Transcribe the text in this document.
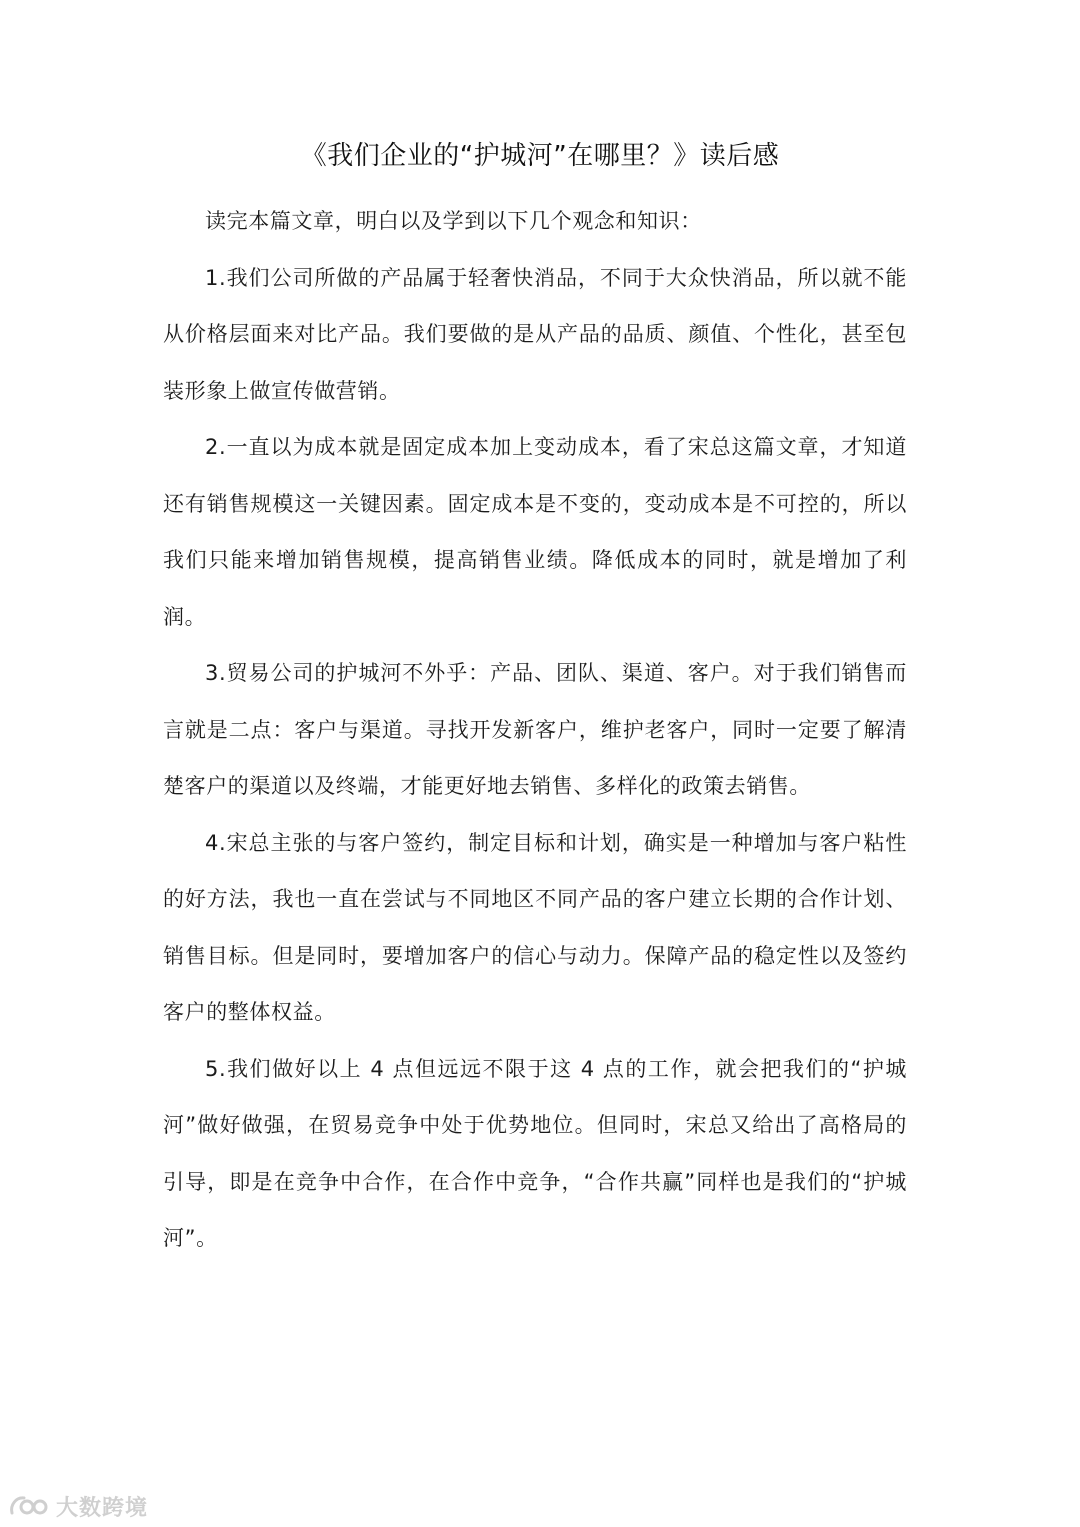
《我们企业的“护城河”在哪里？》读后感

读完本篇文章，明白以及学到以下几个观念和知识：

1.我们公司所做的产品属于轻奢快消品，不同于大众快消品，所以就不能从价格层面来对比产品。我们要做的是从产品的品质、颜值、个性化，甚至包装形象上做宣传做营销。

2.一直以为成本就是固定成本加上变动成本，看了宋总这篇文章，才知道还有销售规模这一关键因素。固定成本是不变的，变动成本是不可控的，所以我们只能来增加销售规模，提高销售业绩。降低成本的同时，就是增加了利润。

3.贸易公司的护城河不外乎：产品、团队、渠道、客户。对于我们销售而言就是二点：客户与渠道。寻找开发新客户，维护老客户，同时一定要了解清楚客户的渠道以及终端，才能更好地去销售、多样化的政策去销售。

4.宋总主张的与客户签约，制定目标和计划，确实是一种增加与客户粘性的好方法，我也一直在尝试与不同地区不同产品的客户建立长期的合作计划、销售目标。但是同时，要增加客户的信心与动力。保障产品的稳定性以及签约客户的整体权益。

5.我们做好以上 4 点但远远不限于这 4 点的工作，就会把我们的“护城河”做好做强，在贸易竞争中处于优势地位。但同时，宋总又给出了高格局的引导，即是在竞争中合作，在合作中竞争，“合作共赢”同样也是我们的“护城河”。

大数跨境
